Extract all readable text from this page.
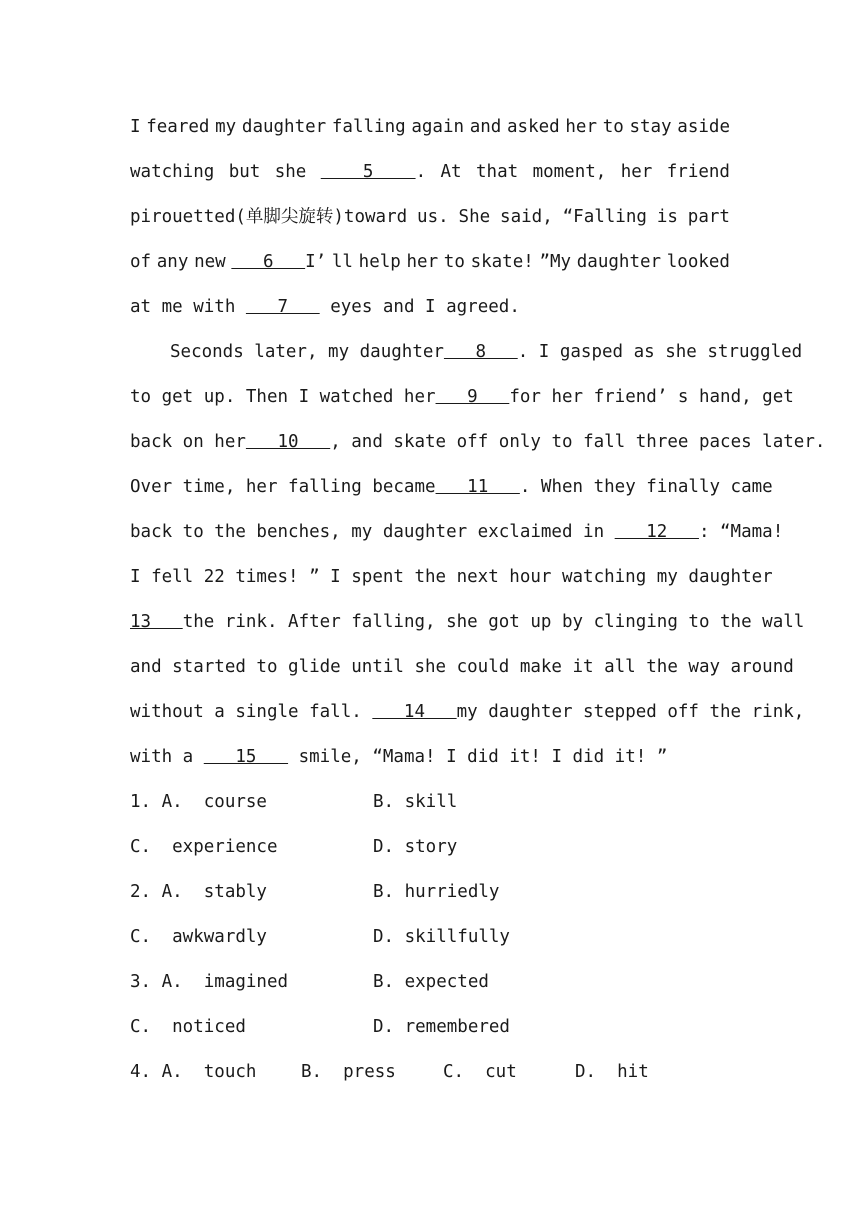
I feared my daughter falling again and asked her to stay aside
watching but she 5    . At that moment, her friend
pirouetted(单脚尖旋转)toward us. She said, “Falling is part
of any new 6   I’ ll help her to skate! ”My daughter looked
at me with    7    eyes and I agreed.
Seconds later, my daughter   8   . I gasped as she struggled
to get up. Then I watched her   9   for her friend’ s hand, get
back on her   10   , and skate off only to fall three paces later.
Over time, her falling became   11   . When they finally came
back to the benches, my daughter exclaimed in    12   : “Mama!
I fell 22 times! ” I spent the next hour watching my daughter
13   the rink. After falling, she got up by clinging to the wall
and started to glide until she could make it all the way around
without a single fall.    14   my daughter stepped off the rink,
with a    15    smile, “Mama! I did it! I did it! ”
1. A.  course	B. skill
C.  experience	D. story
2. A.  stably	B. hurriedly
C.  awkwardly	D. skillfully
3. A.  imagined	B. expected
C.  noticed	D. remembered
4. A.  touch	B.  press	C.  cut	D.  hit
